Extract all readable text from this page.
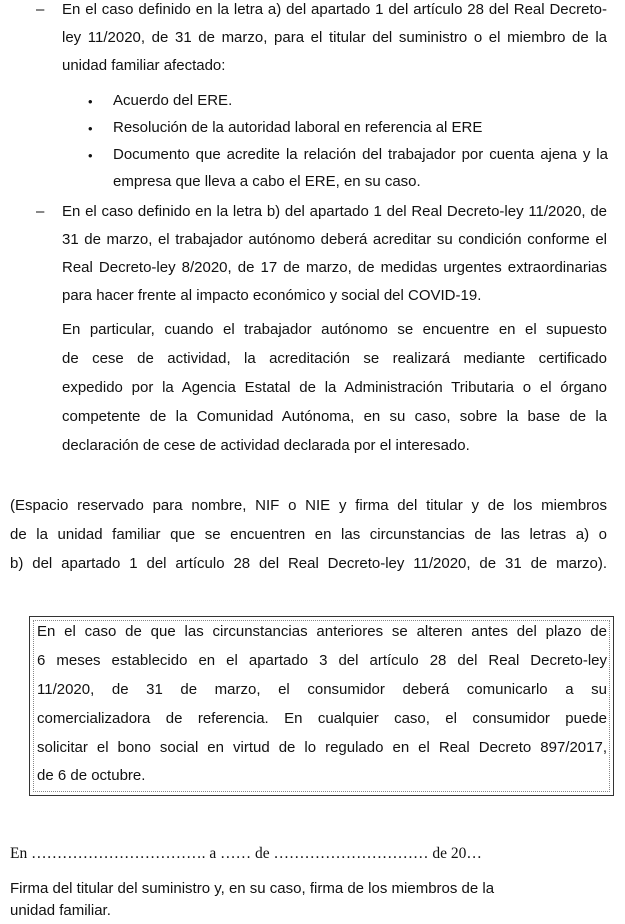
– En el caso definido en la letra a) del apartado 1 del artículo 28 del Real Decreto-
ley 11/2020, de 31 de marzo, para el titular del suministro o el miembro de la
unidad familiar afectado:
• Acuerdo del ERE.
• Resolución de la autoridad laboral en referencia al ERE
• Documento que acredite la relación del trabajador por cuenta ajena y la
empresa que lleva a cabo el ERE, en su caso.
– En el caso definido en la letra b) del apartado 1 del Real Decreto-ley 11/2020, de
31 de marzo, el trabajador autónomo deberá acreditar su condición conforme el
Real Decreto-ley 8/2020, de 17 de marzo, de medidas urgentes extraordinarias
para hacer frente al impacto económico y social del COVID-19.
En particular, cuando el trabajador autónomo se encuentre en el supuesto
de cese de actividad, la acreditación se realizará mediante certificado
expedido por la Agencia Estatal de la Administración Tributaria o el órgano
competente de la Comunidad Autónoma, en su caso, sobre la base de la
declaración de cese de actividad declarada por el interesado.
(Espacio reservado para nombre, NIF o NIE y firma del titular y de los miembros
de la unidad familiar que se encuentren en las circunstancias de las letras a) o
b) del apartado 1 del artículo 28 del Real Decreto-ley 11/2020, de 31 de marzo).
En el caso de que las circunstancias anteriores se alteren antes del plazo de
6 meses establecido en el apartado 3 del artículo 28 del Real Decreto-ley
11/2020, de 31 de marzo, el consumidor deberá comunicarlo a su
comercializadora de referencia. En cualquier caso, el consumidor puede
solicitar el bono social en virtud de lo regulado en el Real Decreto 897/2017,
de 6 de octubre.
En ……………………………. a …… de ………………………… de 20…
Firma del titular del suministro y, en su caso, firma de los miembros de la
unidad familiar.
